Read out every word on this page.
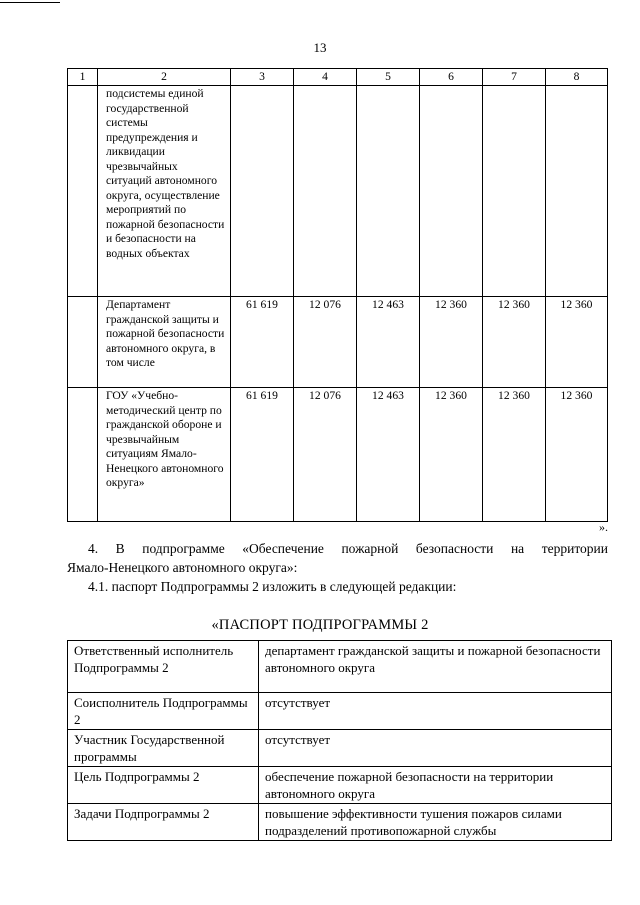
13
1	2	3	4	5	6	7	8
	подсистемы единой государственной системы предупреждения и ликвидации чрезвычайных ситуаций автономного округа, осуществление мероприятий по пожарной безопасности и безопасности на водных объектах						
	Департамент гражданской защиты и пожарной безопасности автономного округа, в том числе	61 619	12 076	12 463	12 360	12 360	12 360
	ГОУ «Учебно-методический центр по гражданской обороне и чрезвычайным ситуациям Ямало-Ненецкого автономного округа»	61 619	12 076	12 463	12 360	12 360	12 360
».
4. В подпрограмме «Обеспечение пожарной безопасности на территории
Ямало-Ненецкого автономного округа»:
4.1. паспорт Подпрограммы 2 изложить в следующей редакции:
«ПАСПОРТ ПОДПРОГРАММЫ 2
Ответственный исполнитель Подпрограммы 2	департамент гражданской защиты и пожарной безопасности автономного округа
Соисполнитель Подпрограммы 2	отсутствует
Участник Государственной программы	отсутствует
Цель Подпрограммы 2	обеспечение пожарной безопасности на территории автономного округа
Задачи Подпрограммы 2	повышение эффективности тушения пожаров силами подразделений противопожарной службы
